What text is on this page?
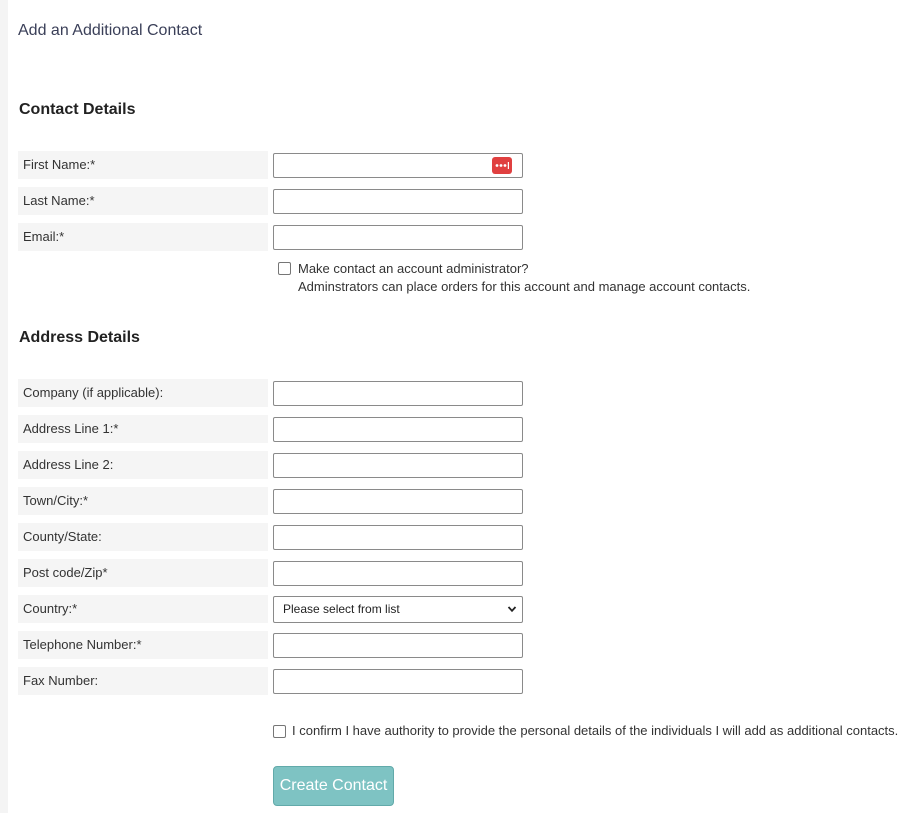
Add an Additional Contact
Contact Details
First Name:*
Last Name:*
Email:*
Make contact an account administrator?
Adminstrators can place orders for this account and manage account contacts.
Address Details
Company (if applicable):
Address Line 1:*
Address Line 2:
Town/City:*
County/State:
Post code/Zip*
Country:*	Please select from list
Telephone Number:*
Fax Number:
I confirm I have authority to provide the personal details of the individuals I will add as additional contacts.
Create Contact
